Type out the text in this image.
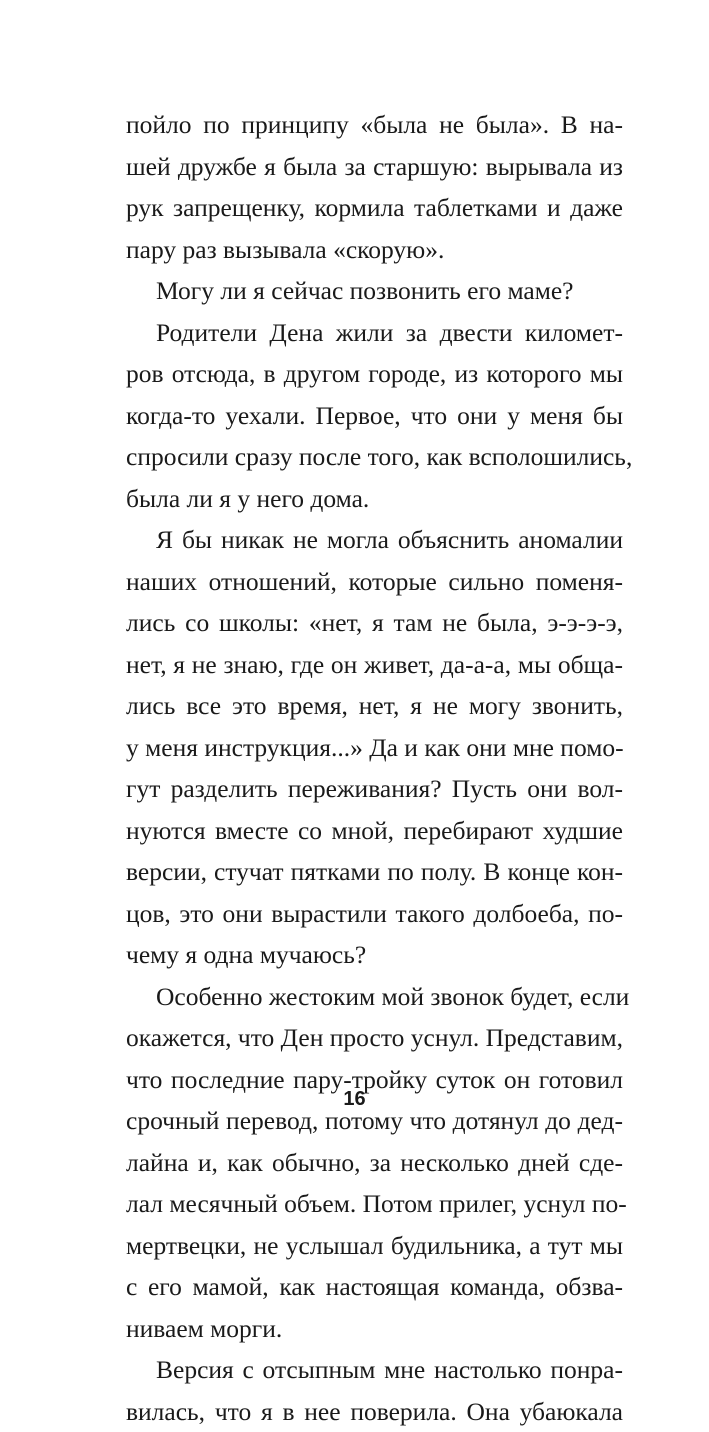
пойло по принципу «была не была». В на-
шей дружбе я была за старшую: вырывала из
рук запрещенку, кормила таблетками и даже
пару раз вызывала «скорую».
Могу ли я сейчас позвонить его маме?
Родители Дена жили за двести километ-
ров отсюда, в другом городе, из которого мы
когда-то уехали. Первое, что они у меня бы
спросили сразу после того, как всполошились,
была ли я у него дома.
Я бы никак не могла объяснить аномалии
наших отношений, которые сильно поменя-
лись со школы: «нет, я там не была, э-э-э-э,
нет, я не знаю, где он живет, да-а-а, мы обща-
лись все это время, нет, я не могу звонить,
у меня инструкция...» Да и как они мне помо-
гут разделить переживания? Пусть они вол-
нуются вместе со мной, перебирают худшие
версии, стучат пятками по полу. В конце кон-
цов, это они вырастили такого долбоеба, по-
чему я одна мучаюсь?
Особенно жестоким мой звонок будет, если
окажется, что Ден просто уснул. Представим,
что последние пару-тройку суток он готовил
срочный перевод, потому что дотянул до дед-
лайна и, как обычно, за несколько дней сде-
лал месячный объем. Потом прилег, уснул по-
мертвецки, не услышал будильника, а тут мы
с его мамой, как настоящая команда, обзва-
ниваем морги.
Версия с отсыпным мне настолько понра-
вилась, что я в нее поверила. Она убаюкала
16
